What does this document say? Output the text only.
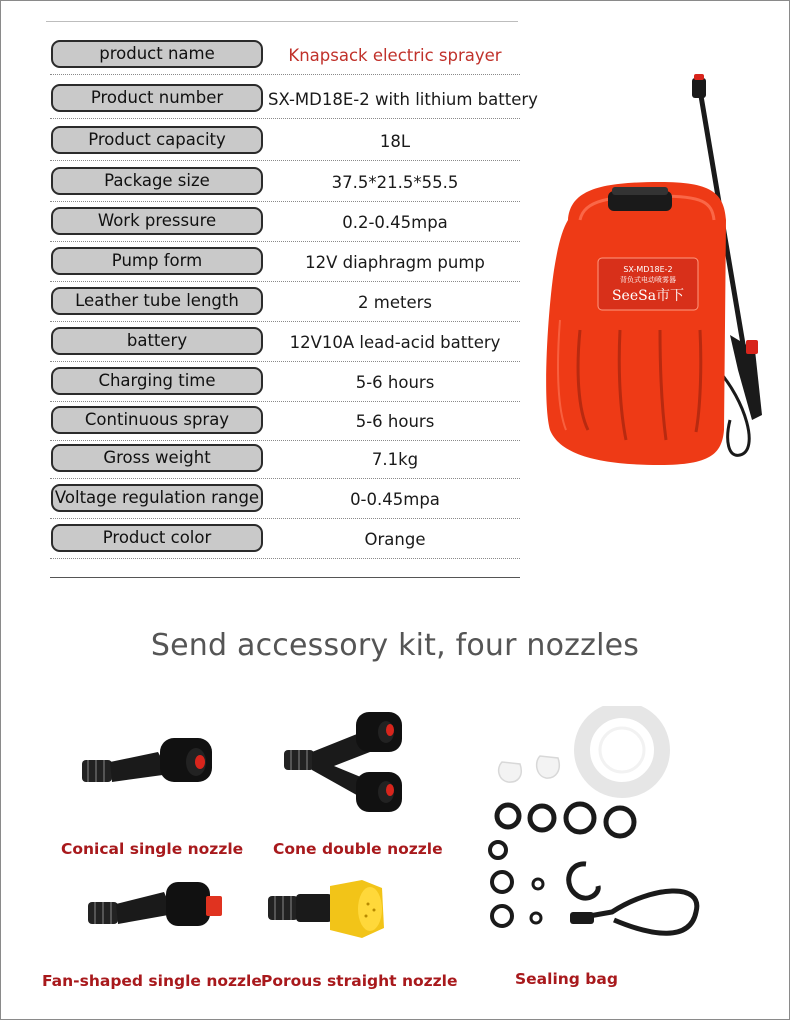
product name	Knapsack electric sprayer
Product number	SX-MD18E-2 with lithium battery
Product capacity	18L
Package size	37.5*21.5*55.5
Work pressure	0.2-0.45mpa
Pump form	12V diaphragm pump
Leather tube length	2 meters
battery	12V10A lead-acid battery
Charging time	5-6 hours
Continuous spray	5-6 hours
Gross weight	7.1kg
Voltage regulation range	0-0.45mpa
Product color	Orange
SX-MD18E-2
背负式电动喷雾器
SeeSa市下
Send accessory kit, four nozzles
Conical single nozzle Cone double nozzle
Fan-shaped single nozzle Porous straight nozzle	Sealing bag
